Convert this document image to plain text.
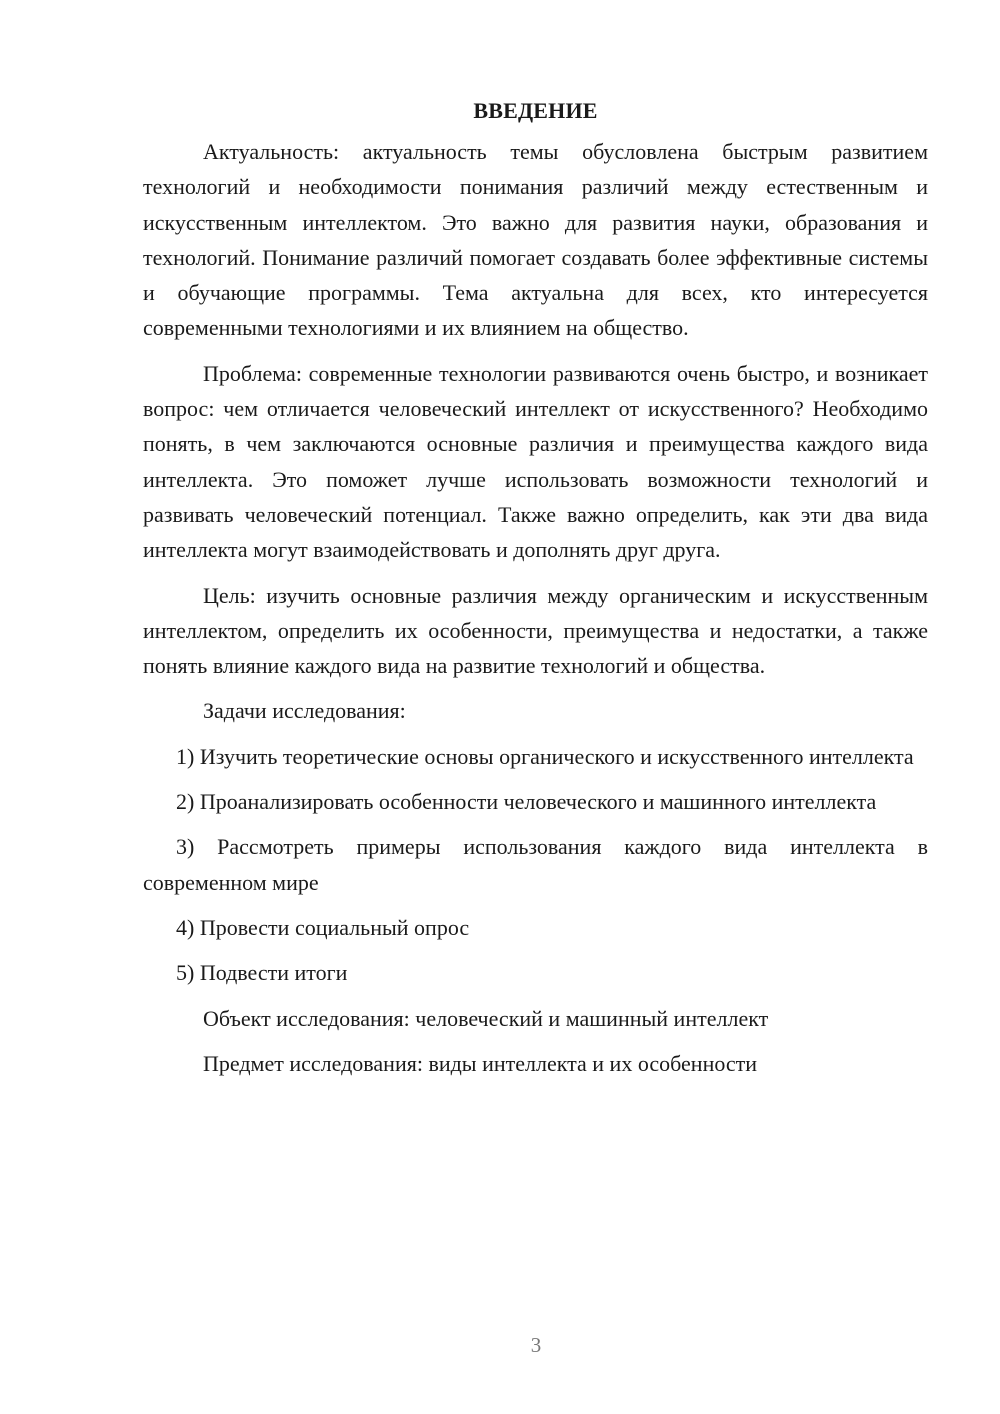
ВВЕДЕНИЕ
Актуальность: актуальность темы обусловлена быстрым развитием технологий и необходимости понимания различий между естественным и искусственным интеллектом. Это важно для развития науки, образования и технологий. Понимание различий помогает создавать более эффективные системы и обучающие программы. Тема актуальна для всех, кто интересуется современными технологиями и их влиянием на общество.
Проблема: современные технологии развиваются очень быстро, и возникает вопрос: чем отличается человеческий интеллект от искусственного? Необходимо понять, в чем заключаются основные различия и преимущества каждого вида интеллекта. Это поможет лучше использовать возможности технологий и развивать человеческий потенциал. Также важно определить, как эти два вида интеллекта могут взаимодействовать и дополнять друг друга.
Цель: изучить основные различия между органическим и искусственным интеллектом, определить их особенности, преимущества и недостатки, а также понять влияние каждого вида на развитие технологий и общества.
Задачи исследования:
1) Изучить теоретические основы органического и искусственного интеллекта
2) Проанализировать особенности человеческого и машинного интеллекта
3) Рассмотреть примеры использования каждого вида интеллекта в современном мире
4) Провести социальный опрос
5) Подвести итоги
Объект исследования: человеческий и машинный интеллект
Предмет исследования: виды интеллекта и их особенности
3
